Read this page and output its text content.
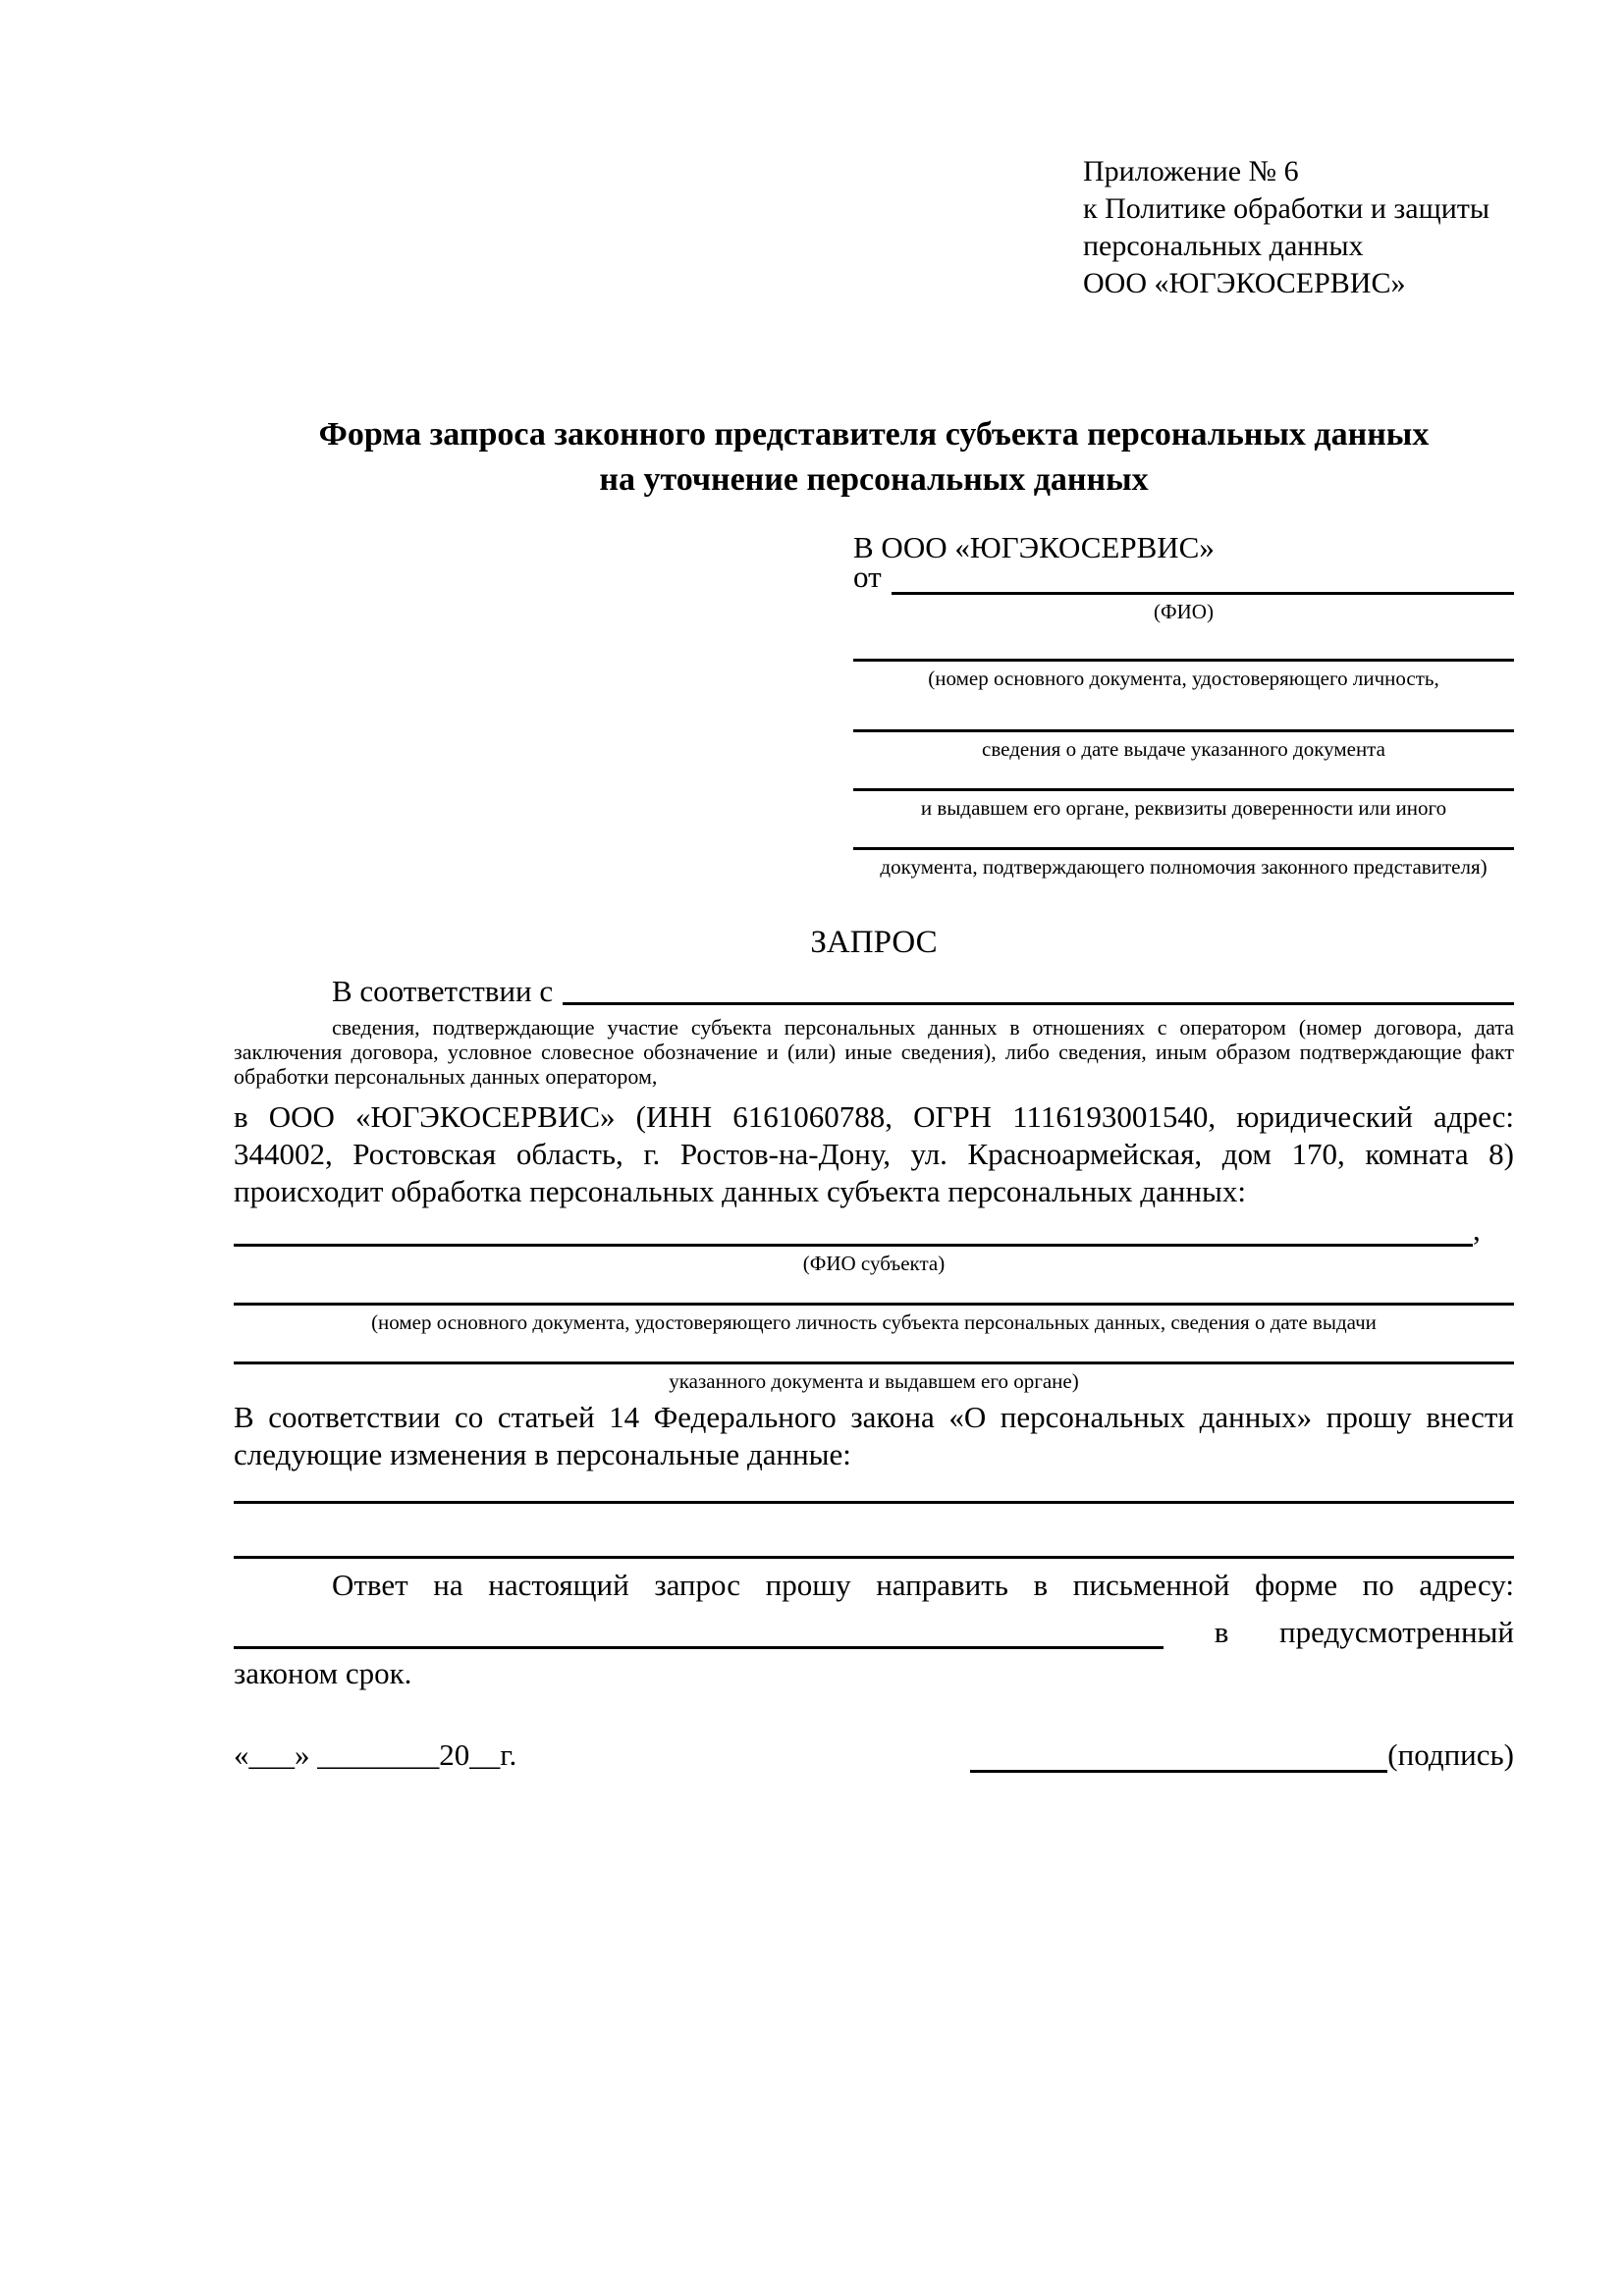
Приложение № 6
к Политике обработки и защиты
персональных данных
ООО «ЮГЭКОСЕРВИС»
Форма запроса законного представителя субъекта персональных данных
на уточнение персональных данных
В ООО «ЮГЭКОСЕРВИС»
от
(ФИО)
(номер основного документа, удостоверяющего личность,
сведения о дате выдаче указанного документа
и выдавшем его органе, реквизиты доверенности или иного
документа, подтверждающего полномочия законного представителя)
ЗАПРОС
В соответствии с
сведения, подтверждающие участие субъекта персональных данных в отношениях с оператором (номер договора, дата заключения договора, условное словесное обозначение и (или) иные сведения), либо сведения, иным образом подтверждающие факт обработки персональных данных оператором,

в ООО «ЮГЭКОСЕРВИС» (ИНН 6161060788, ОГРН 1116193001540, юридический адрес: 344002, Ростовская область, г. Ростов-на-Дону, ул. Красноармейская, дом 170, комната 8) происходит обработка персональных данных субъекта персональных данных:

,
(ФИО субъекта)
(номер основного документа, удостоверяющего личность субъекта персональных данных, сведения о дате выдачи
указанного документа и выдавшем его органе)

В соответствии со статьей 14 Федерального закона «О персональных данных» прошу внести следующие изменения в персональные данные:

Ответ на настоящий запрос прошу направить в письменной форме по адресу:
в предусмотренный
законом срок.
«___» ________20__г.	(подпись)
